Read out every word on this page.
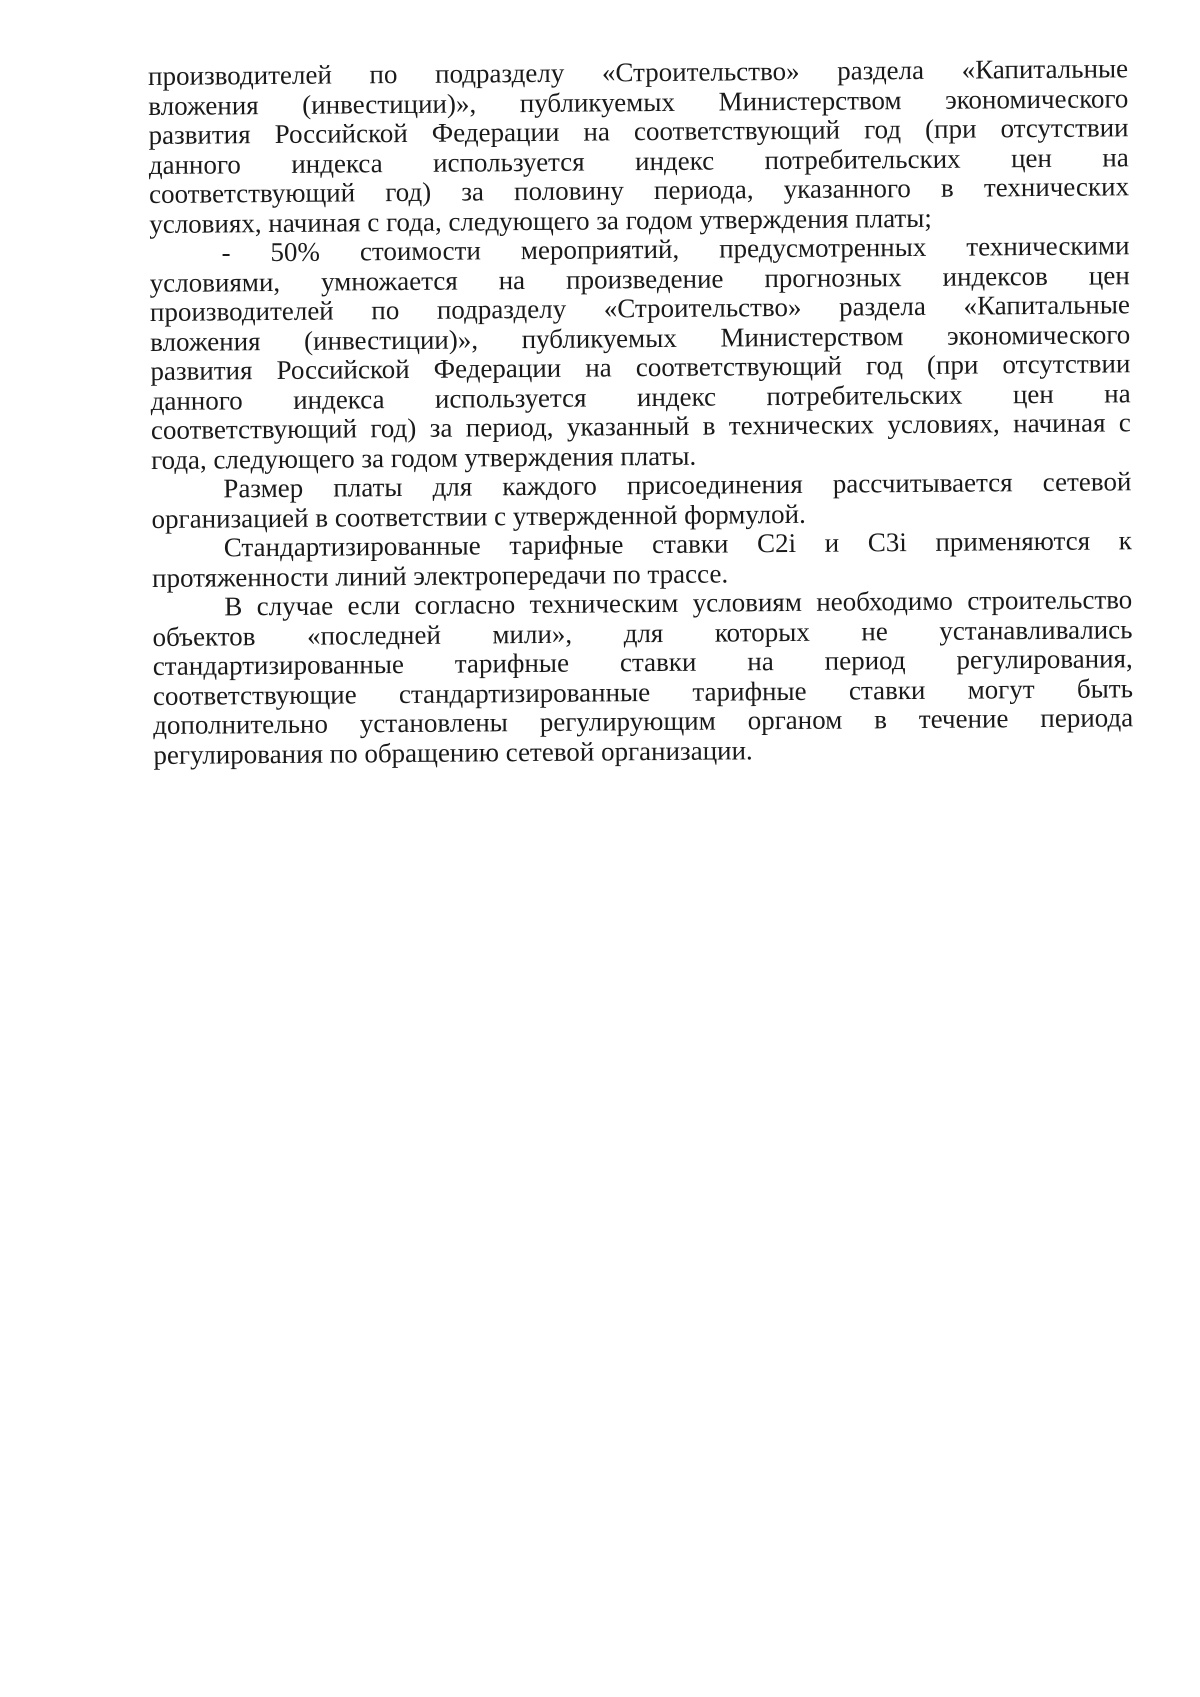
производителей по подразделу «Строительство» раздела «Капитальные
вложения (инвестиции)», публикуемых Министерством экономического
развития Российской Федерации на соответствующий год (при отсутствии
данного индекса используется индекс потребительских цен на
соответствующий год) за половину периода, указанного в технических
условиях, начиная с года, следующего за годом утверждения платы;
- 50% стоимости мероприятий, предусмотренных техническими
условиями, умножается на произведение прогнозных индексов цен
производителей по подразделу «Строительство» раздела «Капитальные
вложения (инвестиции)», публикуемых Министерством экономического
развития Российской Федерации на соответствующий год (при отсутствии
данного индекса используется индекс потребительских цен на
соответствующий год) за период, указанный в технических условиях, начиная с
года, следующего за годом утверждения платы.
Размер платы для каждого присоединения рассчитывается сетевой
организацией в соответствии с утвержденной формулой.
Стандартизированные тарифные ставки C2i и C3i применяются к
протяженности линий электропередачи по трассе.
В случае если согласно техническим условиям необходимо строительство
объектов «последней мили», для которых не устанавливались
стандартизированные тарифные ставки на период регулирования,
соответствующие стандартизированные тарифные ставки могут быть
дополнительно установлены регулирующим органом в течение периода
регулирования по обращению сетевой организации.
